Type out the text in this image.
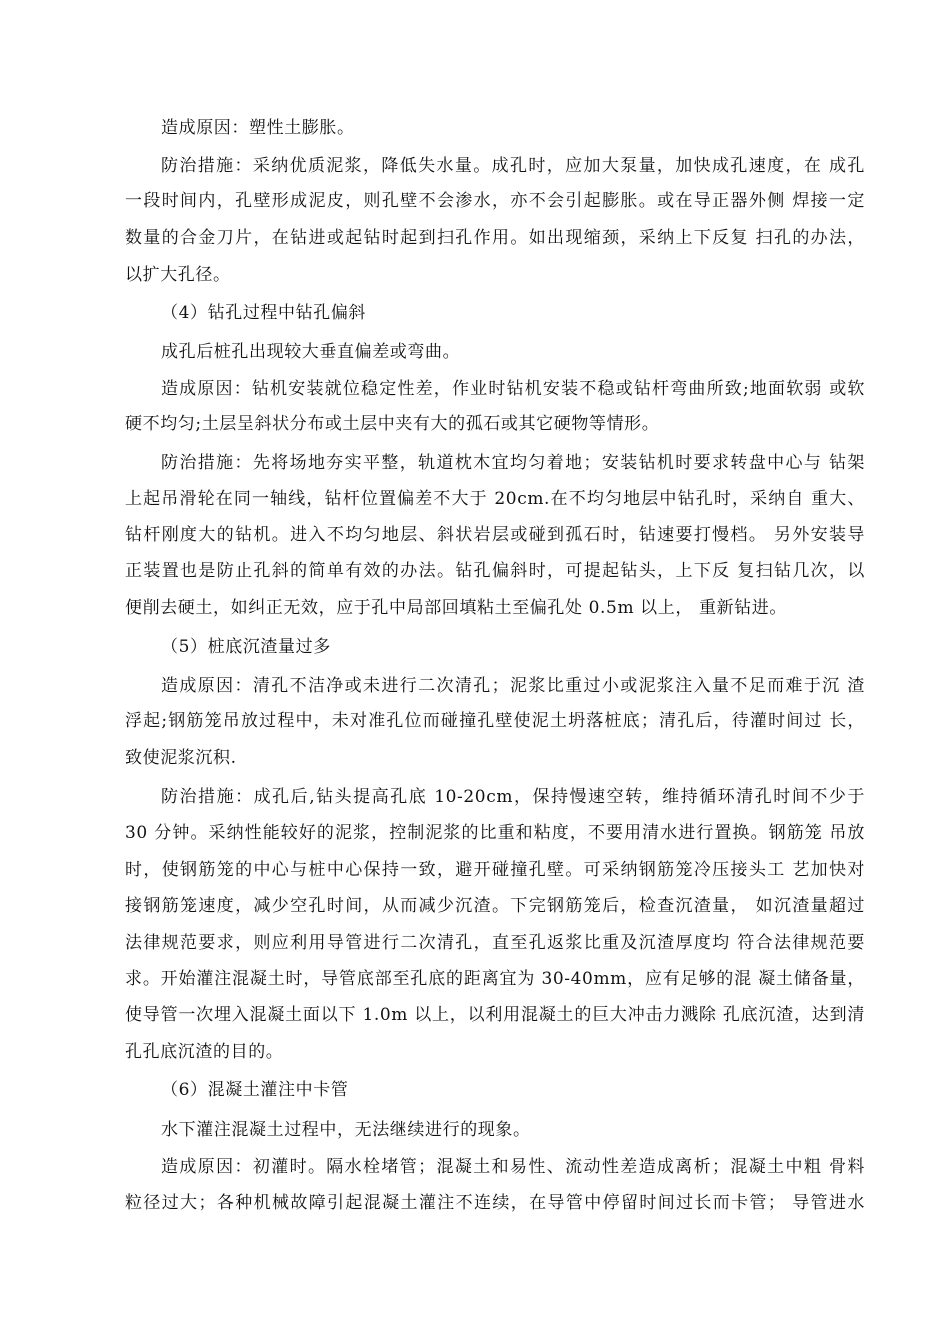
造成原因：塑性土膨胀。
防治措施：采纳优质泥浆，降低失水量。成孔时，应加大泵量，加快成孔速度，在 成孔
一段时间内，孔壁形成泥皮，则孔壁不会渗水，亦不会引起膨胀。或在导正器外侧 焊接一定
数量的合金刀片，在钻进或起钻时起到扫孔作用。如出现缩颈，采纳上下反复 扫孔的办法，
以扩大孔径。
（4）钻孔过程中钻孔偏斜
成孔后桩孔出现较大垂直偏差或弯曲。
造成原因：钻机安装就位稳定性差，作业时钻机安装不稳或钻杆弯曲所致;地面软弱 或软
硬不均匀;土层呈斜状分布或土层中夹有大的孤石或其它硬物等情形。
防治措施：先将场地夯实平整，轨道枕木宜均匀着地；安装钻机时要求转盘中心与 钻架
上起吊滑轮在同一轴线，钻杆位置偏差不大于 20cm.在不均匀地层中钻孔时，采纳自 重大、
钻杆刚度大的钻机。进入不均匀地层、斜状岩层或碰到孤石时，钻速要打慢档。 另外安装导
正装置也是防止孔斜的简单有效的办法。钻孔偏斜时，可提起钻头，上下反 复扫钻几次，以
便削去硬土，如纠正无效，应于孔中局部回填粘土至偏孔处 0.5m 以上， 重新钻进。
（5）桩底沉渣量过多
造成原因：清孔不洁净或未进行二次清孔；泥浆比重过小或泥浆注入量不足而难于沉 渣
浮起;钢筋笼吊放过程中，未对准孔位而碰撞孔壁使泥土坍落桩底；清孔后，待灌时间过 长，
致使泥浆沉积.
防治措施：成孔后,钻头提高孔底 10-20cm，保持慢速空转，维持循环清孔时间不少于
30 分钟。采纳性能较好的泥浆，控制泥浆的比重和粘度，不要用清水进行置换。钢筋笼 吊放
时，使钢筋笼的中心与桩中心保持一致，避开碰撞孔壁。可采纳钢筋笼冷压接头工 艺加快对
接钢筋笼速度，减少空孔时间，从而减少沉渣。下完钢筋笼后，检查沉渣量， 如沉渣量超过
法律规范要求，则应利用导管进行二次清孔，直至孔返浆比重及沉渣厚度均 符合法律规范要
求。开始灌注混凝土时，导管底部至孔底的距离宜为 30-40mm，应有足够的混 凝土储备量，
使导管一次埋入混凝土面以下 1.0m 以上，以利用混凝土的巨大冲击力溅除 孔底沉渣，达到清
孔孔底沉渣的目的。
（6）混凝土灌注中卡管
水下灌注混凝土过程中，无法继续进行的现象。
造成原因：初灌时。隔水栓堵管；混凝土和易性、流动性差造成离析；混凝土中粗 骨料
粒径过大；各种机械故障引起混凝土灌注不连续，在导管中停留时间过长而卡管； 导管进水
